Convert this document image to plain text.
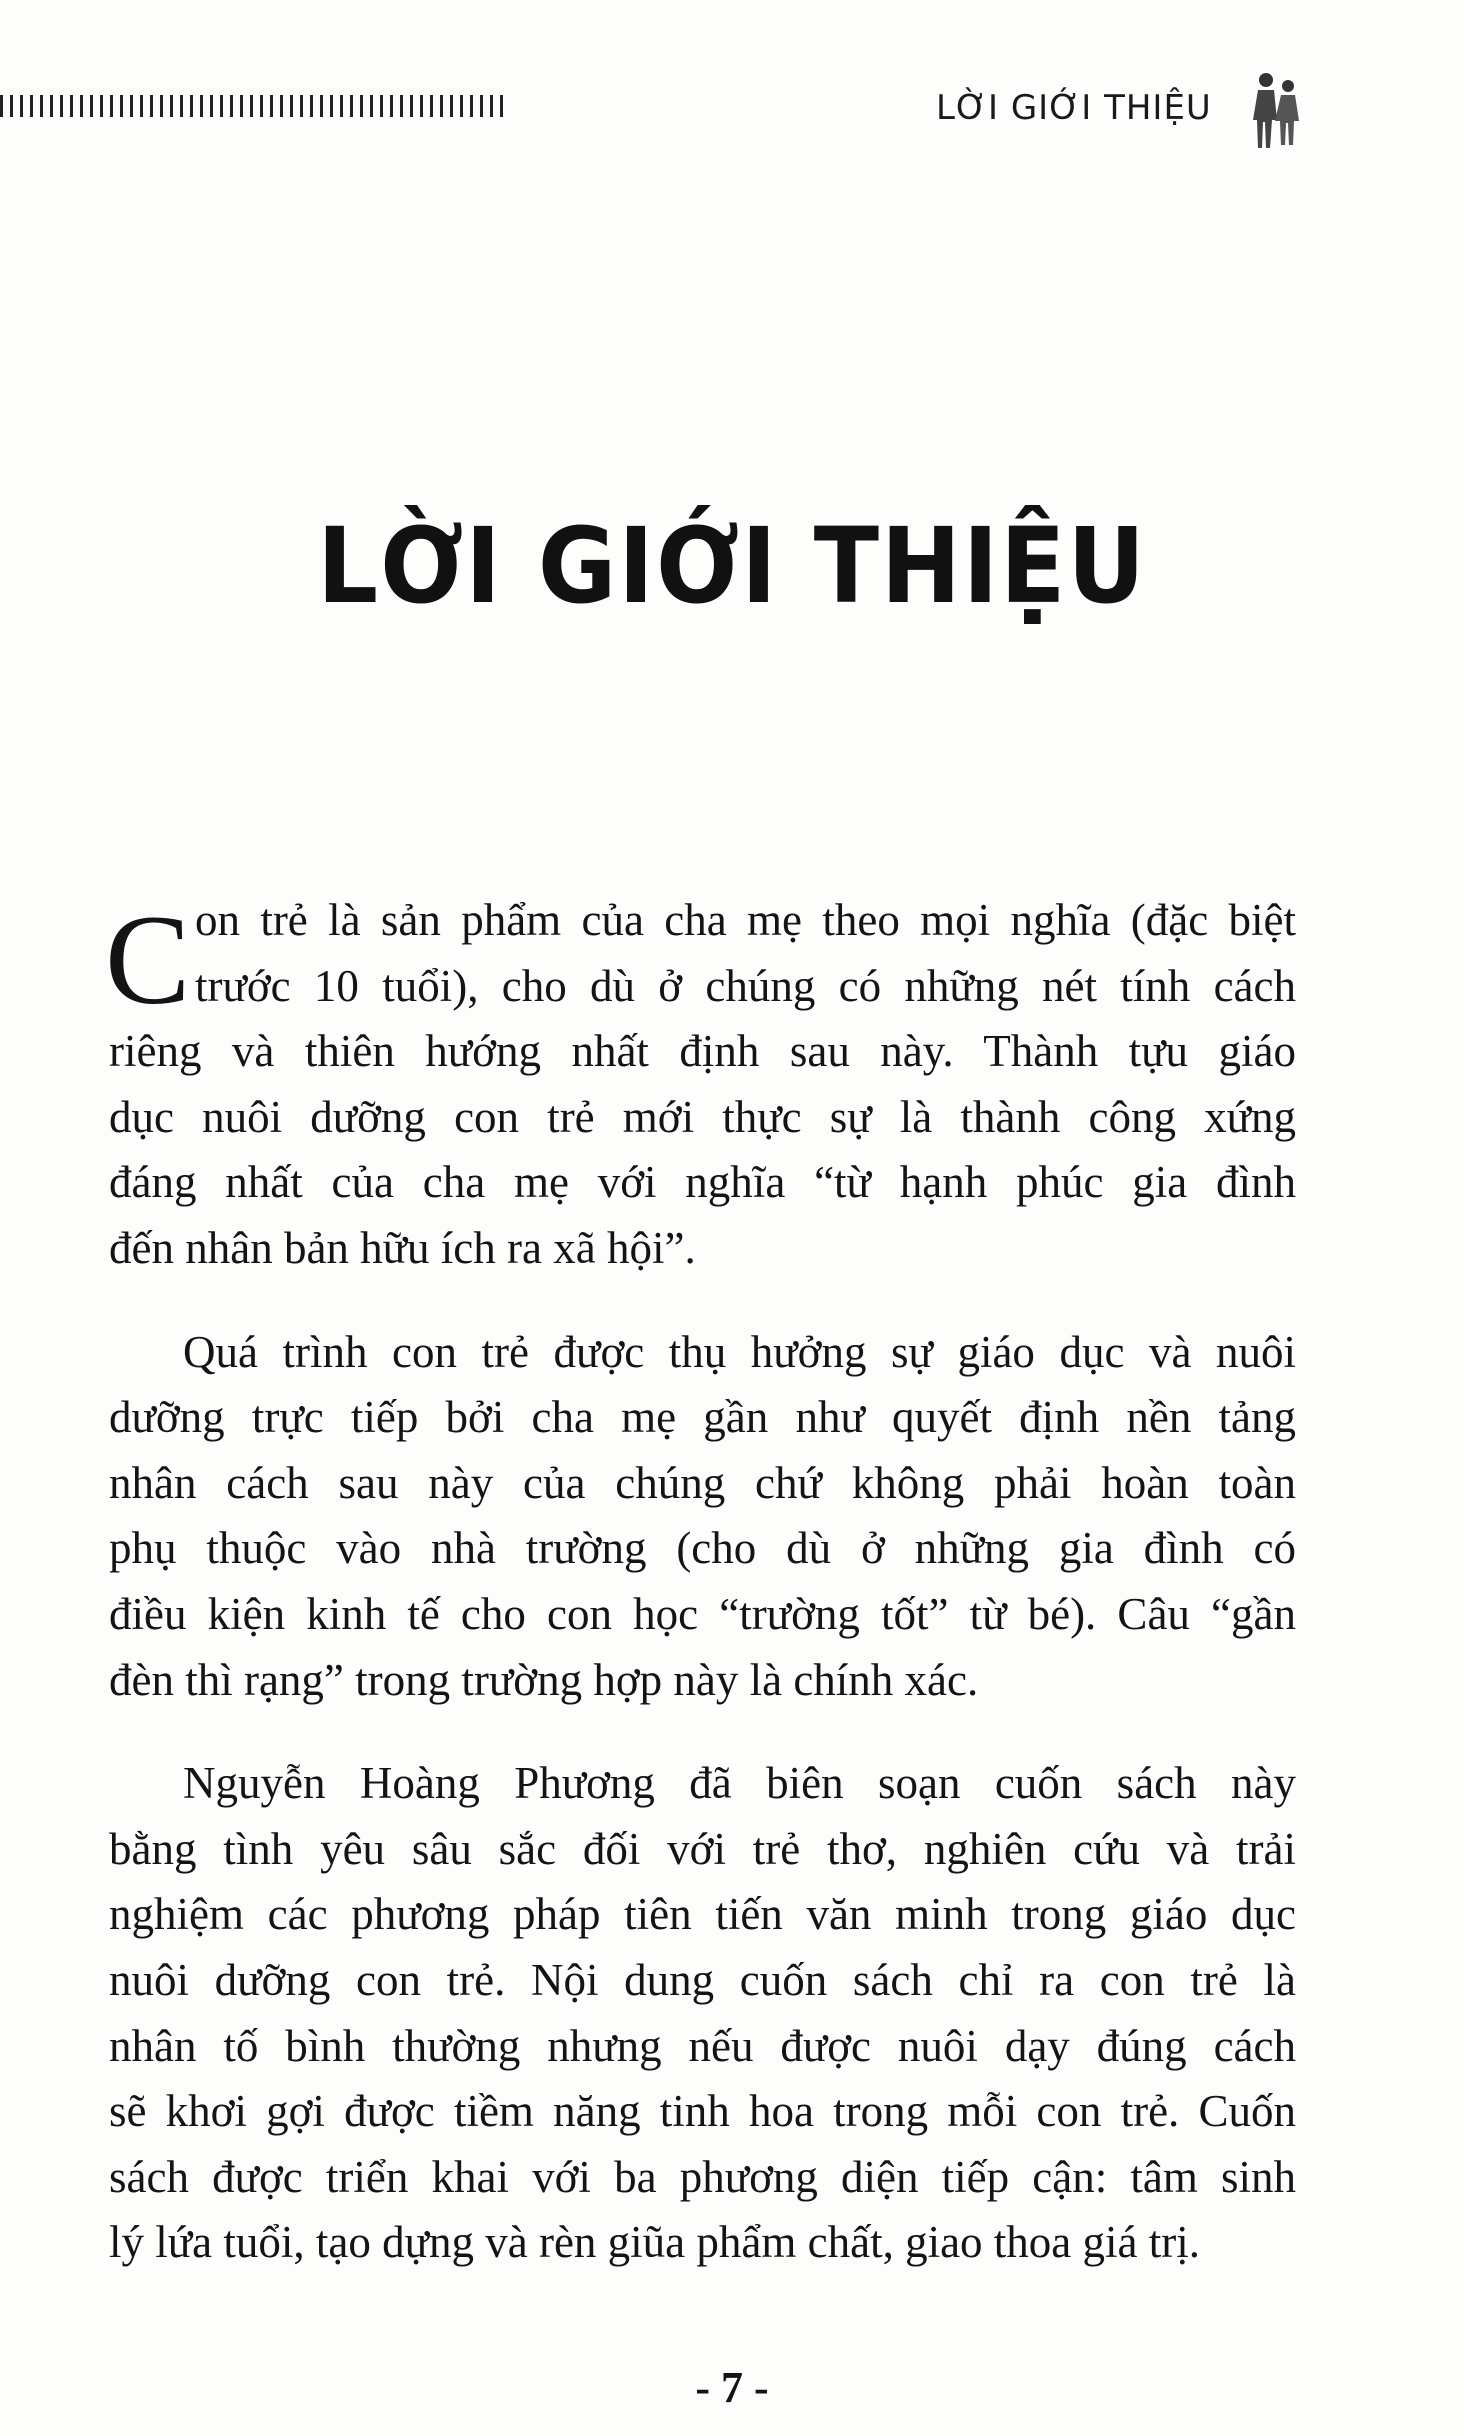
LỜI GIỚI THIỆU
LỜI GIỚI THIỆU
C on trẻ là sản phẩm của cha mẹ theo mọi nghĩa (đặc biệt
trước 10 tuổi), cho dù ở chúng có những nét tính cách
riêng và thiên hướng nhất định sau này. Thành tựu giáo
dục nuôi dưỡng con trẻ mới thực sự là thành công xứng
đáng nhất của cha mẹ với nghĩa “từ hạnh phúc gia đình
đến nhân bản hữu ích ra xã hội”.
Quá trình con trẻ được thụ hưởng sự giáo dục và nuôi
dưỡng trực tiếp bởi cha mẹ gần như quyết định nền tảng
nhân cách sau này của chúng chứ không phải hoàn toàn
phụ thuộc vào nhà trường (cho dù ở những gia đình có
điều kiện kinh tế cho con học “trường tốt” từ bé). Câu “gần
đèn thì rạng” trong trường hợp này là chính xác.
Nguyễn Hoàng Phương đã biên soạn cuốn sách này
bằng tình yêu sâu sắc đối với trẻ thơ, nghiên cứu và trải
nghiệm các phương pháp tiên tiến văn minh trong giáo dục
nuôi dưỡng con trẻ. Nội dung cuốn sách chỉ ra con trẻ là
nhân tố bình thường nhưng nếu được nuôi dạy đúng cách
sẽ khơi gợi được tiềm năng tinh hoa trong mỗi con trẻ. Cuốn
sách được triển khai với ba phương diện tiếp cận: tâm sinh
lý lứa tuổi, tạo dựng và rèn giũa phẩm chất, giao thoa giá trị.
- 7 -
